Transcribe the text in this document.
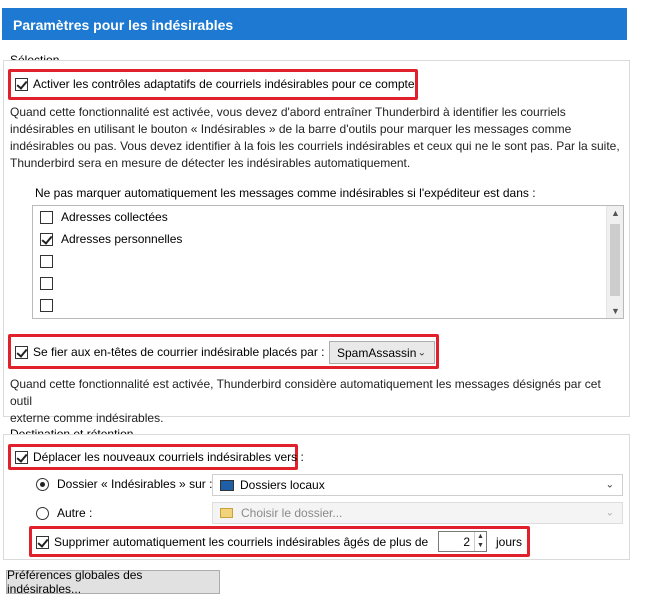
Paramètres pour les indésirables
Activer les contrôles adaptatifs de courriels indésirables pour ce compte
Quand cette fonctionnalité est activée, vous devez d'abord entraîner Thunderbird à identifier les courriels
indésirables en utilisant le bouton « Indésirables » de la barre d'outils pour marquer les messages comme
indésirables ou pas. Vous devez identifier à la fois les courriels indésirables et ceux qui ne le sont pas. Par la suite,
Thunderbird sera en mesure de détecter les indésirables automatiquement.
Ne pas marquer automatiquement les messages comme indésirables si l'expéditeur est dans :
Adresses collectées
Adresses personnelles
▲
▼
Se fier aux en-têtes de courrier indésirable placés par : SpamAssassin ⌄
Quand cette fonctionnalité est activée, Thunderbird considère automatiquement les messages désignés par cet outil
externe comme indésirables.
Déplacer les nouveaux courriels indésirables vers :
Dossier « Indésirables » sur : Dossiers locaux	⌄
Autre :	Choisir le dossier...	⌄
Supprimer automatiquement les courriels indésirables âgés de plus de	2 ▲
▼ jours
Préférences globales des indésirables...
